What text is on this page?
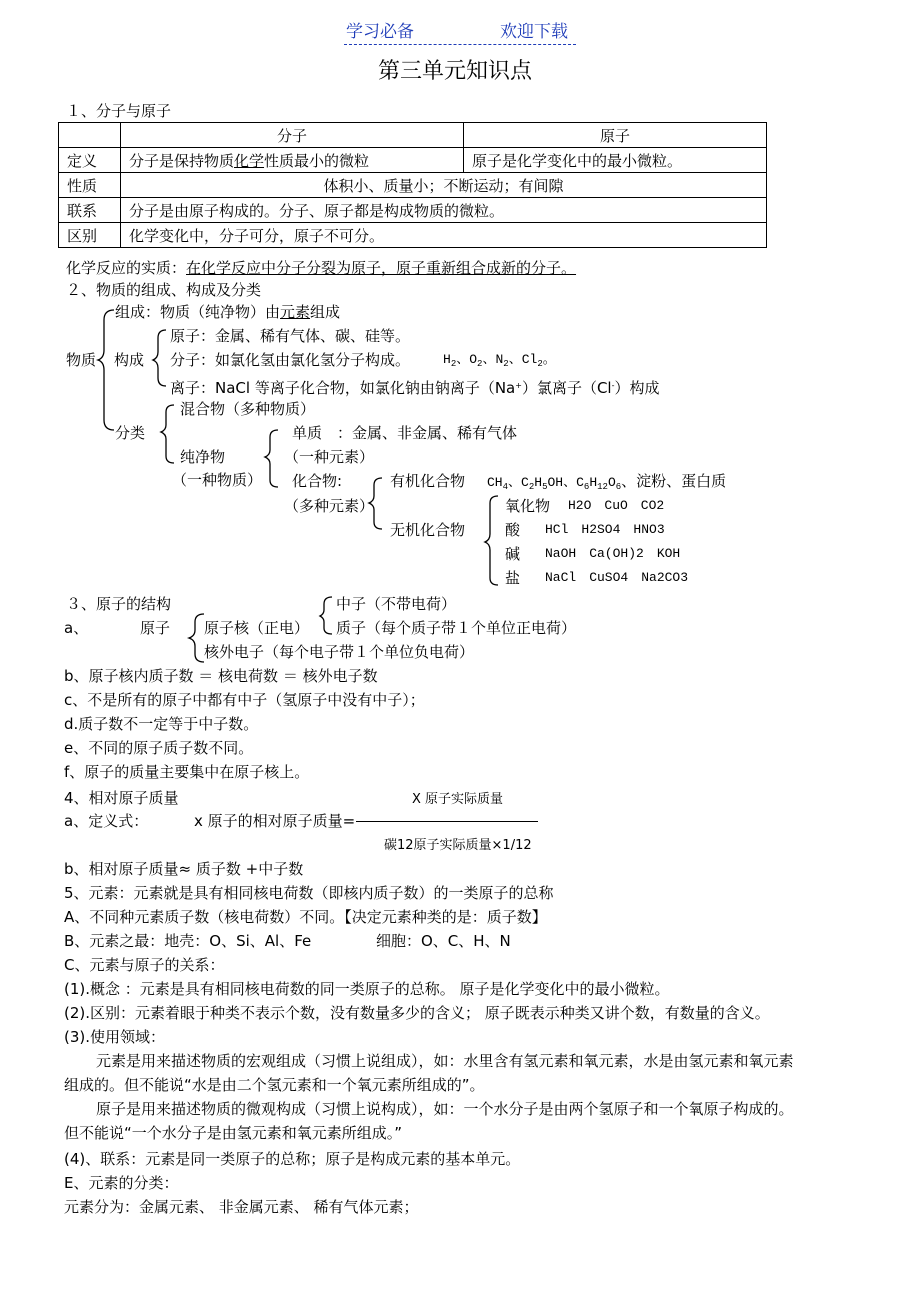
学习必备	欢迎下载
第三单元知识点
１、分子与原子
	分子	原子
定义	分子是保持物质化学性质最小的微粒	原子是化学变化中的最小微粒。
性质	体积小、质量小；不断运动；有间隙	
联系	分子是由原子构成的。分子、原子都是构成物质的微粒。	
区别	化学变化中，分子可分，原子不可分。	
化学反应的实质：在化学反应中分子分裂为原子，原子重新组合成新的分子。
２、物质的组成、构成及分类
物质
组成：物质（纯净物）由元素组成
构成
原子：金属、稀有气体、碳、硅等。
分子：如氯化氢由氯化氢分子构成。	$H_2$、$O_2$、$N_2$、$Cl_2$。
离子：NaCl 等离子化合物，如氯化钠由钠离子（Na+）氯离子（Cl-）构成
分类
混合物（多种物质）
纯净物
（一种物质）
单质　：金属、非金属、稀有气体
（一种元素）
化合物:
（多种元素）
有机化合物 $CH_4$、$C_2H_5OH$、$C_6H_{12}O_6$、淀粉、蛋白质
无机化合物
氧化物 H2O　CuO　CO2
酸 HCl　H2SO4　HNO3
碱 NaOH　Ca(OH)2　KOH
盐 NaCl　CuSO4　Na2CO3
３、原子的结构
a、	原子 原子核（正电）
中子（不带电荷）
质子（每个质子带１个单位正电荷）
核外电子（每个电子带１个单位负电荷）
b、原子核内质子数 ＝ 核电荷数 ＝ 核外电子数
c、不是所有的原子中都有中子（氢原子中没有中子）；
d.质子数不一定等于中子数。
e、不同的原子质子数不同。
f、原子的质量主要集中在原子核上。
4、相对原子质量	X 原子实际质量
a、定义式：	x 原子的相对原子质量=
碳12原子实际质量×1/12
b、相对原子质量≈ 质子数 +中子数
5、元素：元素就是具有相同核电荷数（即核内质子数）的一类原子的总称
A、不同种元素质子数（核电荷数）不同。【决定元素种类的是：质子数】
B、元素之最：地壳：O、Si、Al、Fe	细胞：O、C、H、N
C、元素与原子的关系：
(1).概念 ：元素是具有相同核电荷数的同一类原子的总称。 原子是化学变化中的最小微粒。
(2).区别：元素着眼于种类不表示个数，没有数量多少的含义； 原子既表示种类又讲个数，有数量的含义。
(3).使用领域：
元素是用来描述物质的宏观组成（习惯上说组成），如：水里含有氢元素和氧元素，水是由氢元素和氧元素
组成的。但不能说“水是由二个氢元素和一个氧元素所组成的”。
原子是用来描述物质的微观构成（习惯上说构成），如：一个水分子是由两个氢原子和一个氧原子构成的。
但不能说“一个水分子是由氢元素和氧元素所组成。”
(4)、联系：元素是同一类原子的总称；原子是构成元素的基本单元。
E、元素的分类：
元素分为：金属元素、 非金属元素、 稀有气体元素；
